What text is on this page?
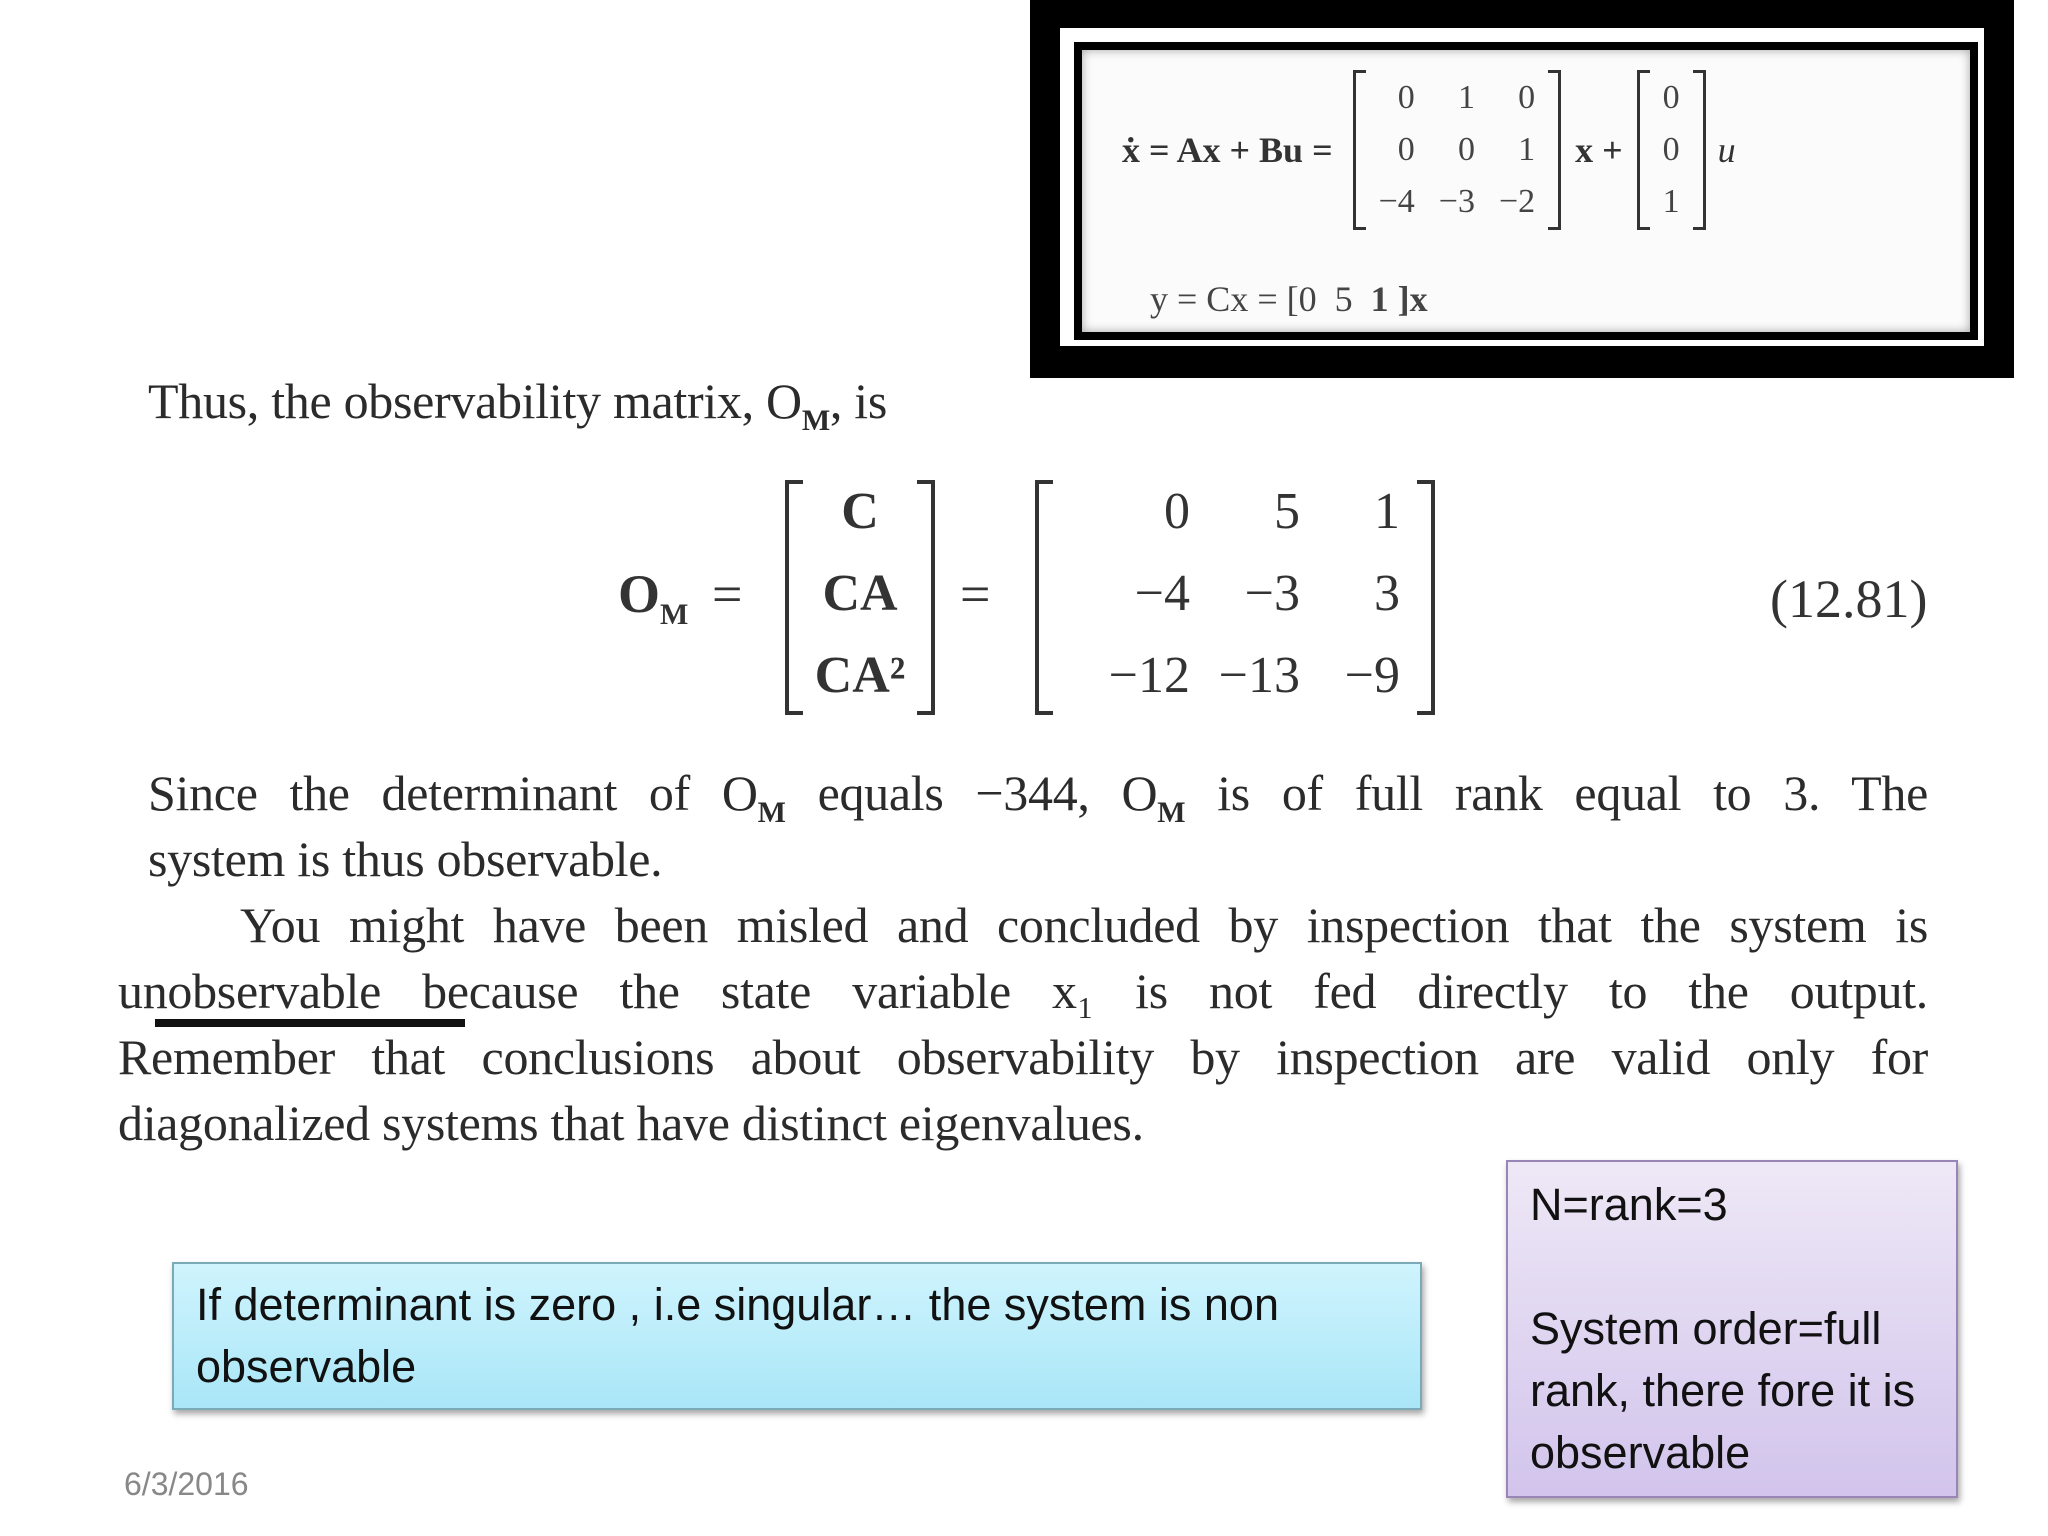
ẋ = Ax + Bu =
0	1	0
0	0	1
−4 −3 −2
x +
0
0
1
u
y = Cx = [0 5 1 ]x
Thus, the observability matrix, $O_M$, is
$O_M$ =
C
CA
CA²
=
0	5	1
−4	−3	3
−12 −13 −9
(12.81)
Since the determinant of $O_M$ equals −344, $O_M$ is of full rank equal to 3. The
system is thus observable.
You might have been misled and concluded by inspection that the system is
unobservable because the state variable x₁ is not fed directly to the output.
Remember that conclusions about observability by inspection are valid only for
diagonalized systems that have distinct eigenvalues.
If determinant is zero , i.e singular… the system is non observable

N=rank=3

System order=full rank, there fore it is observable

6/3/2016
